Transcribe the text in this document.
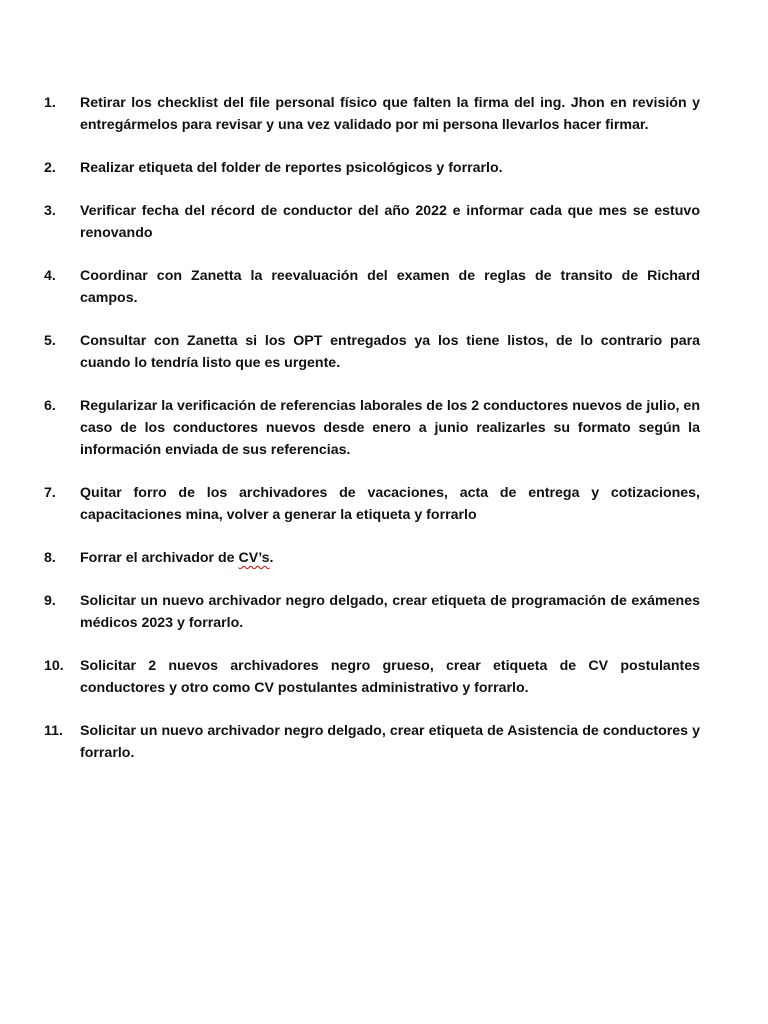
1.	Retirar los checklist del file personal físico que falten la firma del ing. Jhon en revisión y entregármelos para revisar y una vez validado por mi persona llevarlos hacer firmar.
2.	Realizar etiqueta del folder de reportes psicológicos y forrarlo.
3.	Verificar fecha del récord de conductor del año 2022 e informar cada que mes se estuvo renovando
4.	Coordinar con Zanetta la reevaluación del examen de reglas de transito de Richard campos.
5.	Consultar con Zanetta si los OPT entregados ya los tiene listos, de lo contrario para cuando lo tendría listo que es urgente.
6.	Regularizar la verificación de referencias laborales de los 2 conductores nuevos de julio, en caso de los conductores nuevos desde enero a junio realizarles su formato según la información enviada de sus referencias.
7.	Quitar forro de los archivadores de vacaciones, acta de entrega y cotizaciones, capacitaciones mina, volver a generar la etiqueta y forrarlo
8.	Forrar el archivador de CV’s.
9.	Solicitar un nuevo archivador negro delgado, crear etiqueta de programación de exámenes médicos 2023 y forrarlo.
10.	Solicitar 2 nuevos archivadores negro grueso, crear etiqueta de CV postulantes conductores y otro como CV postulantes administrativo y forrarlo.
11.	Solicitar un nuevo archivador negro delgado, crear etiqueta de Asistencia de conductores y forrarlo.
